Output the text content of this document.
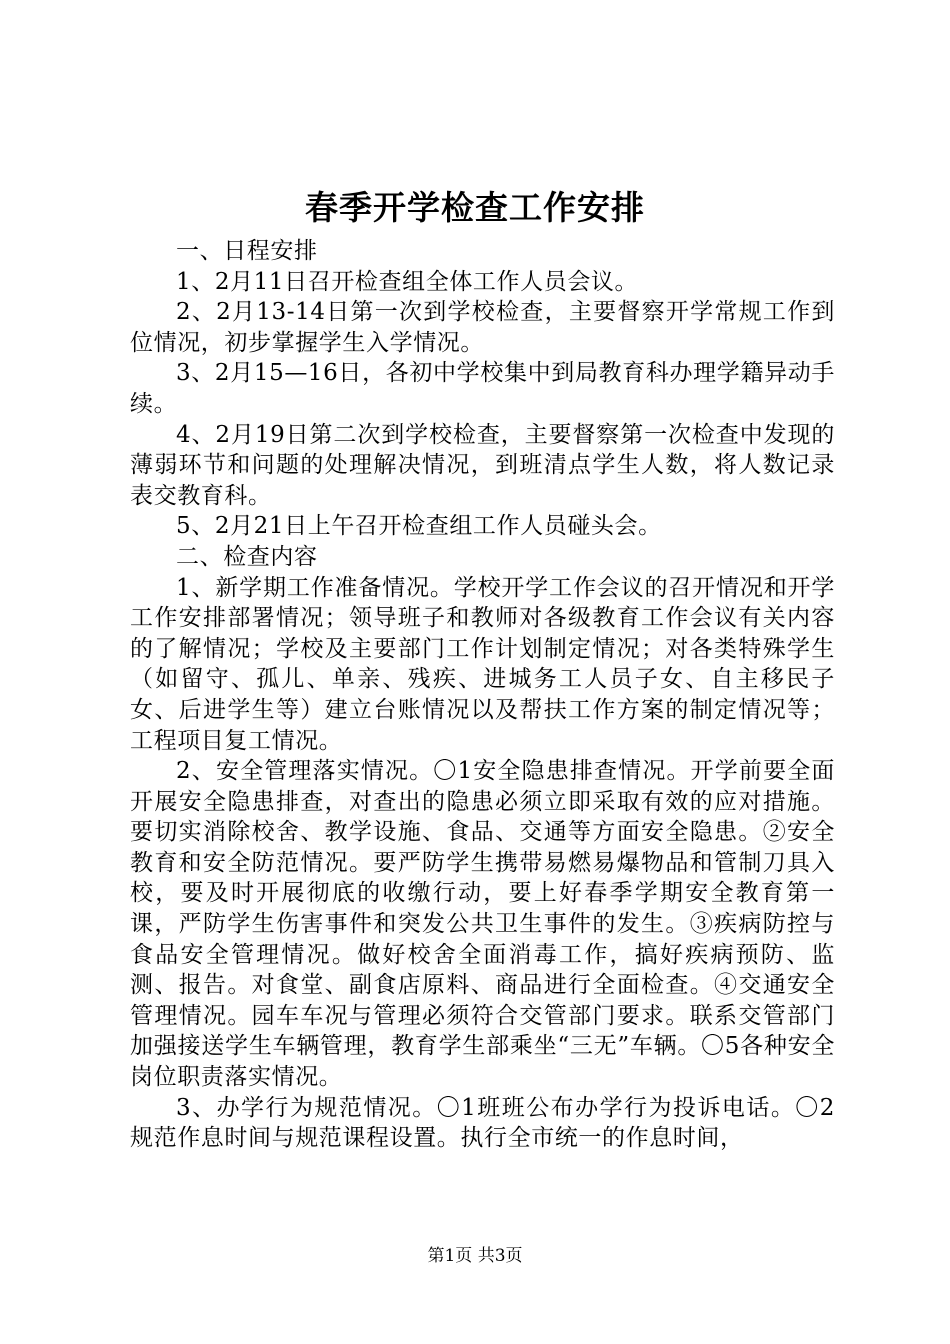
春季开学检查工作安排

一、日程安排

1、2月11日召开检查组全体工作人员会议。

2、2月13-14日第一次到学校检查，主要督察开学常规工作到位情况，初步掌握学生入学情况。

3、2月15—16日，各初中学校集中到局教育科办理学籍异动手续。

4、2月19日第二次到学校检查，主要督察第一次检查中发现的薄弱环节和问题的处理解决情况，到班清点学生人数，将人数记录表交教育科。

5、2月21日上午召开检查组工作人员碰头会。

二、检查内容

1、新学期工作准备情况。学校开学工作会议的召开情况和开学工作安排部署情况；领导班子和教师对各级教育工作会议有关内容的了解情况；学校及主要部门工作计划制定情况；对各类特殊学生（如留守、孤儿、单亲、残疾、进城务工人员子女、自主移民子女、后进学生等）建立台账情况以及帮扶工作方案的制定情况等；工程项目复工情况。

2、安全管理落实情况。〇1安全隐患排查情况。开学前要全面开展安全隐患排查，对查出的隐患必须立即采取有效的应对措施。要切实消除校舍、教学设施、食品、交通等方面安全隐患。②安全教育和安全防范情况。要严防学生携带易燃易爆物品和管制刀具入校，要及时开展彻底的收缴行动，要上好春季学期安全教育第一课，严防学生伤害事件和突发公共卫生事件的发生。③疾病防控与食品安全管理情况。做好校舍全面消毒工作，搞好疾病预防、监测、报告。对食堂、副食店原料、商品进行全面检查。④交通安全管理情况。园车车况与管理必须符合交管部门要求。联系交管部门加强接送学生车辆管理，教育学生部乘坐“三无”车辆。〇5各种安全岗位职责落实情况。

3、办学行为规范情况。〇1班班公布办学行为投诉电话。〇2规范作息时间与规范课程设置。执行全市统一的作息时间，

第1页 共3页
